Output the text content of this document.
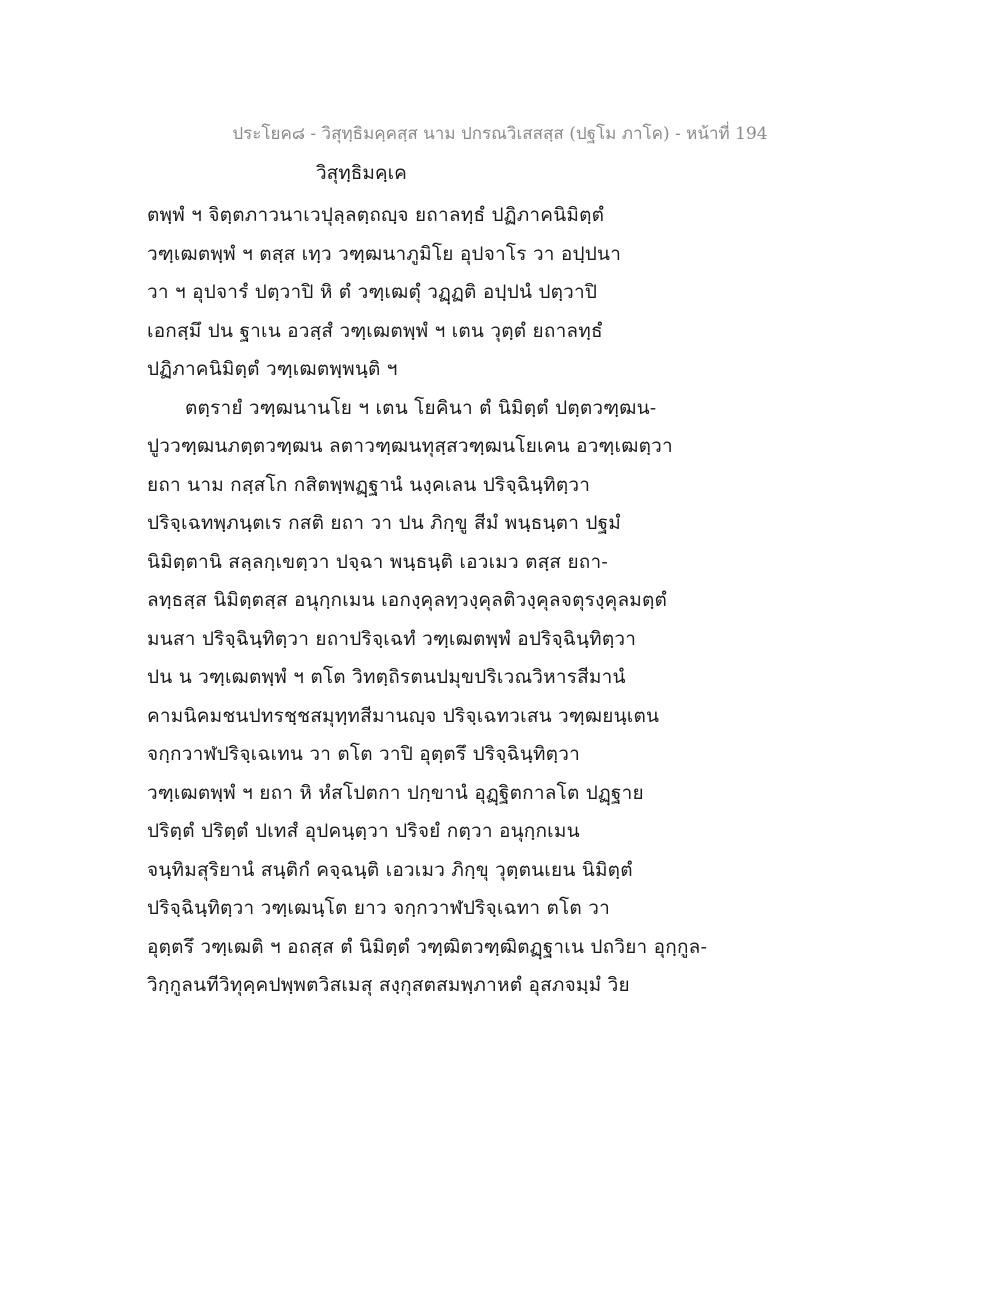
ประโยค๘ - วิสุทฺธิมคฺคสฺส นาม ปกรณวิเสสสฺส (ปฐโม ภาโค) - หน้าที่ 194
วิสุทฺธิมคฺเค
ตพฺพํ ฯ จิตฺตภาวนาเวปุลฺลตฺถญฺจ ยถาลทฺธํ ปฏิภาคนิมิตฺตํ
วฑฺเฒตพฺพํ ฯ ตสฺส เทฺว วฑฺฒนาภูมิโย อุปจาโร วา อปฺปนา
วา ฯ อุปจารํ ปตฺวาปิ หิ ตํ วฑฺเฒตุํ วฏฺฏติ อปฺปนํ ปตฺวาปิ
เอกสฺมึ ปน ฐาเน อวสฺสํ วฑฺเฒตพฺพํ ฯ เตน วุตฺตํ ยถาลทฺธํ
ปฏิภาคนิมิตฺตํ วฑฺเฒตพฺพนฺติ ฯ
ตตฺรายํ วฑฺฒนานโย ฯ เตน โยคินา ตํ นิมิตฺตํ ปตฺตวฑฺฒน-
ปูววฑฺฒนภตฺตวฑฺฒน ลตาวฑฺฒนทุสฺสวฑฺฒนโยเคน อวฑฺเฒตฺวา
ยถา นาม กสฺสโก กสิตพฺพฏฺฐานํ นงฺคเลน ปริจฺฉินฺทิตฺวา
ปริจฺเฉทพฺภนฺตเร กสติ ยถา วา ปน ภิกฺขู สีมํ พนฺธนฺตา ปฐมํ
นิมิตฺตานิ สลฺลกฺเขตฺวา ปจฺฉา พนฺธนฺติ เอวเมว ตสฺส ยถา-
ลทฺธสฺส นิมิตฺตสฺส อนุกฺกเมน เอกงฺคุลทฺวงฺคุลติวงฺคุลจตุรงฺคุลมตฺตํ
มนสา ปริจฺฉินฺทิตฺวา ยถาปริจฺเฉทํ วฑฺเฒตพฺพํ อปริจฺฉินฺทิตฺวา
ปน น วฑฺเฒตพฺพํ ฯ ตโต วิทตฺถิรตนปมุขปริเวณวิหารสีมานํ
คามนิคมชนปทรชฺชสมุทฺทสีมานญฺจ ปริจฺเฉทวเสน วฑฺฒยนฺเตน
จกฺกวาฬปริจฺเฉเทน วา ตโต วาปิ อุตฺตรึ ปริจฺฉินฺทิตฺวา
วฑฺเฒตพฺพํ ฯ ยถา หิ หํสโปตกา ปกฺขานํ อุฏฺฐิตกาลโต ปฏฺฐาย
ปริตฺตํ ปริตฺตํ ปเทสํ อุปคนฺตฺวา ปริจยํ กตฺวา อนุกฺกเมน
จนฺทิมสุริยานํ สนฺติกํ คจฺฉนฺติ เอวเมว ภิกฺขุ วุตฺตนเยน นิมิตฺตํ
ปริจฺฉินฺทิตฺวา วฑฺเฒนฺโต ยาว จกฺกวาฬปริจฺเฉทา ตโต วา
อุตฺตรึ วฑฺเฒติ ฯ อถสฺส ตํ นิมิตฺตํ วฑฺฒิตวฑฺฒิตฏฺฐาเน ปถวิยา อุกฺกูล-
วิกฺกูลนทีวิทุคฺคปพฺพตวิสเมสุ สงฺกุสตสมพฺภาหตํ อุสภจมฺมํ วิย
